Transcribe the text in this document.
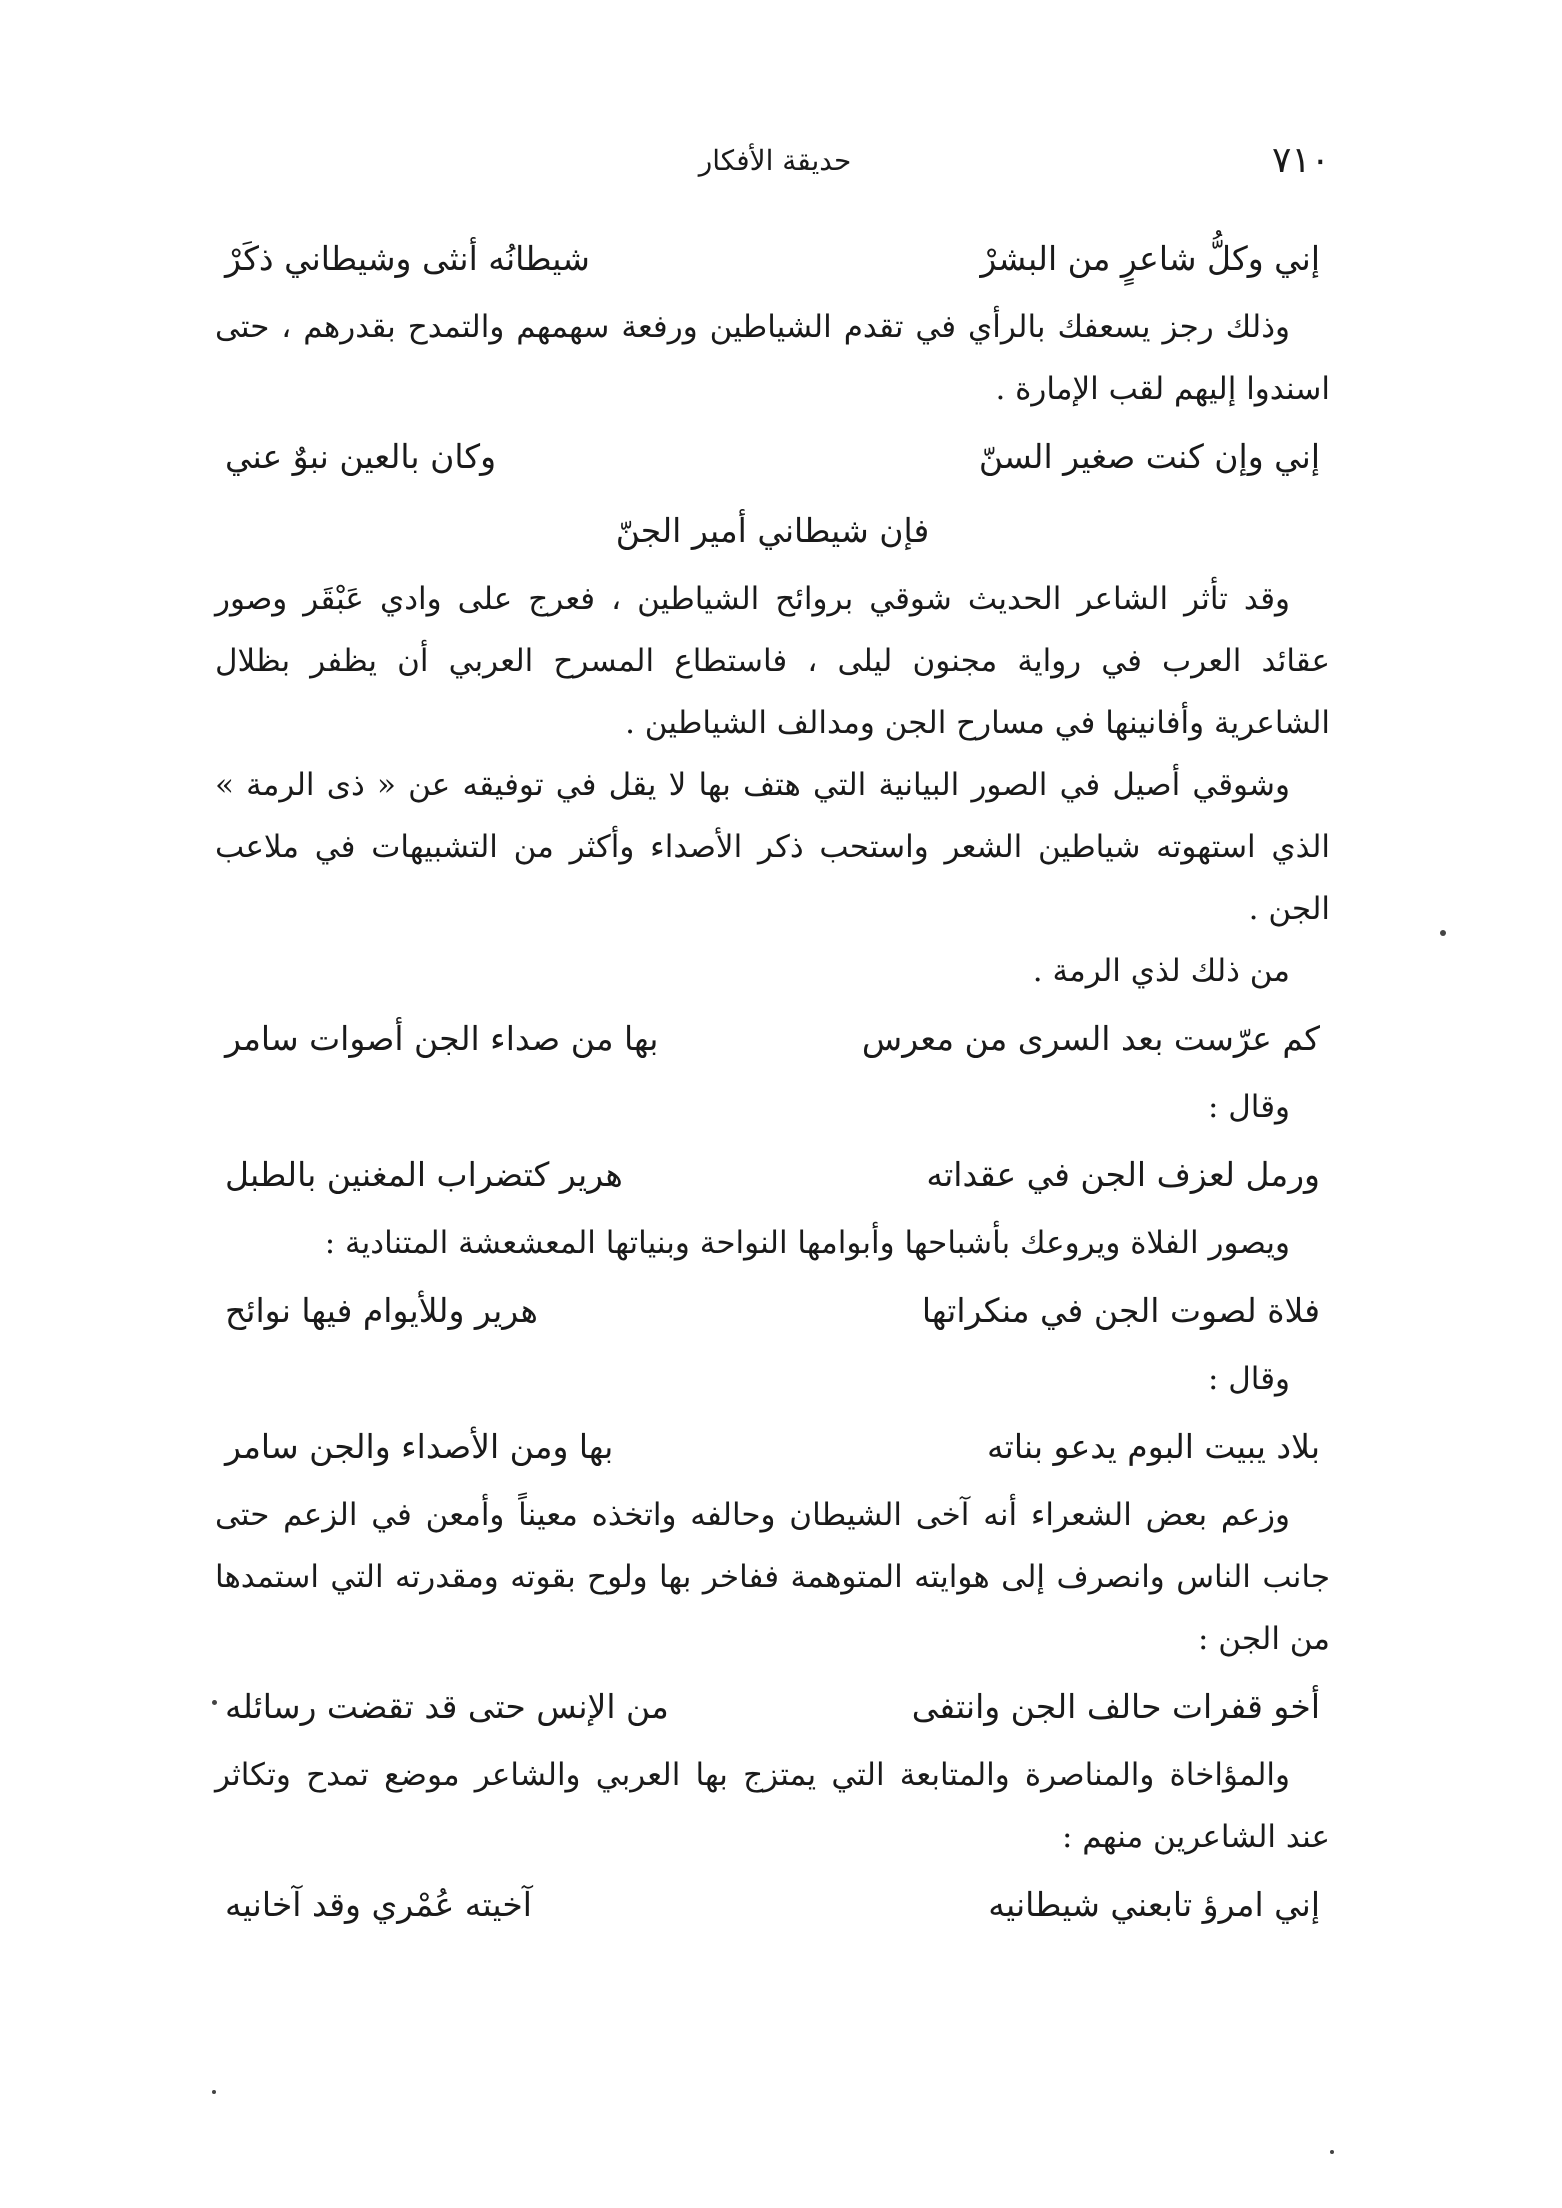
٧١٠
حديقة الأفكار
إني وكلُّ شاعرٍ من البشرْ
شيطانُه أنثى وشيطاني ذكَرْ

وذلك رجز يسعفك بالرأي في تقدم الشياطين ورفعة سهمهم والتمدح بقدرهم ، حتى اسندوا إليهم لقب الإمارة .

إني وإن كنت صغير السنّ
وكان بالعين نبوٌ عني
فإن شيطاني أمير الجنّ

وقد تأثر الشاعر الحديث شوقي بروائح الشياطين ، فعرج على وادي عَبْقَر وصور عقائد العرب في رواية مجنون ليلى ، فاستطاع المسرح العربي أن يظفر بظلال الشاعرية وأفانينها في مسارح الجن ومدالف الشياطين .

وشوقي أصيل في الصور البيانية التي هتف بها لا يقل في توفيقه عن « ذى الرمة » الذي استهوته شياطين الشعر واستحب ذكر الأصداء وأكثر من التشبيهات في ملاعب الجن .

من ذلك لذي الرمة .

كم عرّست بعد السرى من معرس
بها من صداء الجن أصوات سامر

وقال :

ورمل لعزف الجن في عقداته
هرير كتضراب المغنين بالطبل

ويصور الفلاة ويروعك بأشباحها وأبوامها النواحة وبنياتها المعشعشة المتنادية :

فلاة لصوت الجن في منكراتها
هرير وللأيوام فيها نوائح

وقال :

بلاد يبيت البوم يدعو بناته
بها ومن الأصداء والجن سامر

وزعم بعض الشعراء أنه آخى الشيطان وحالفه واتخذه معيناً وأمعن في الزعم حتى جانب الناس وانصرف إلى هوايته المتوهمة ففاخر بها ولوح بقوته ومقدرته التي استمدها من الجن :

أخو قفرات حالف الجن وانتفى
من الإنس حتى قد تقضت رسائله

والمؤاخاة والمناصرة والمتابعة التي يمتزج بها العربي والشاعر موضع تمدح وتكاثر عند الشاعرين منهم :

إني امرؤ تابعني شيطانيه
آخيته عُمْري وقد آخانيه
